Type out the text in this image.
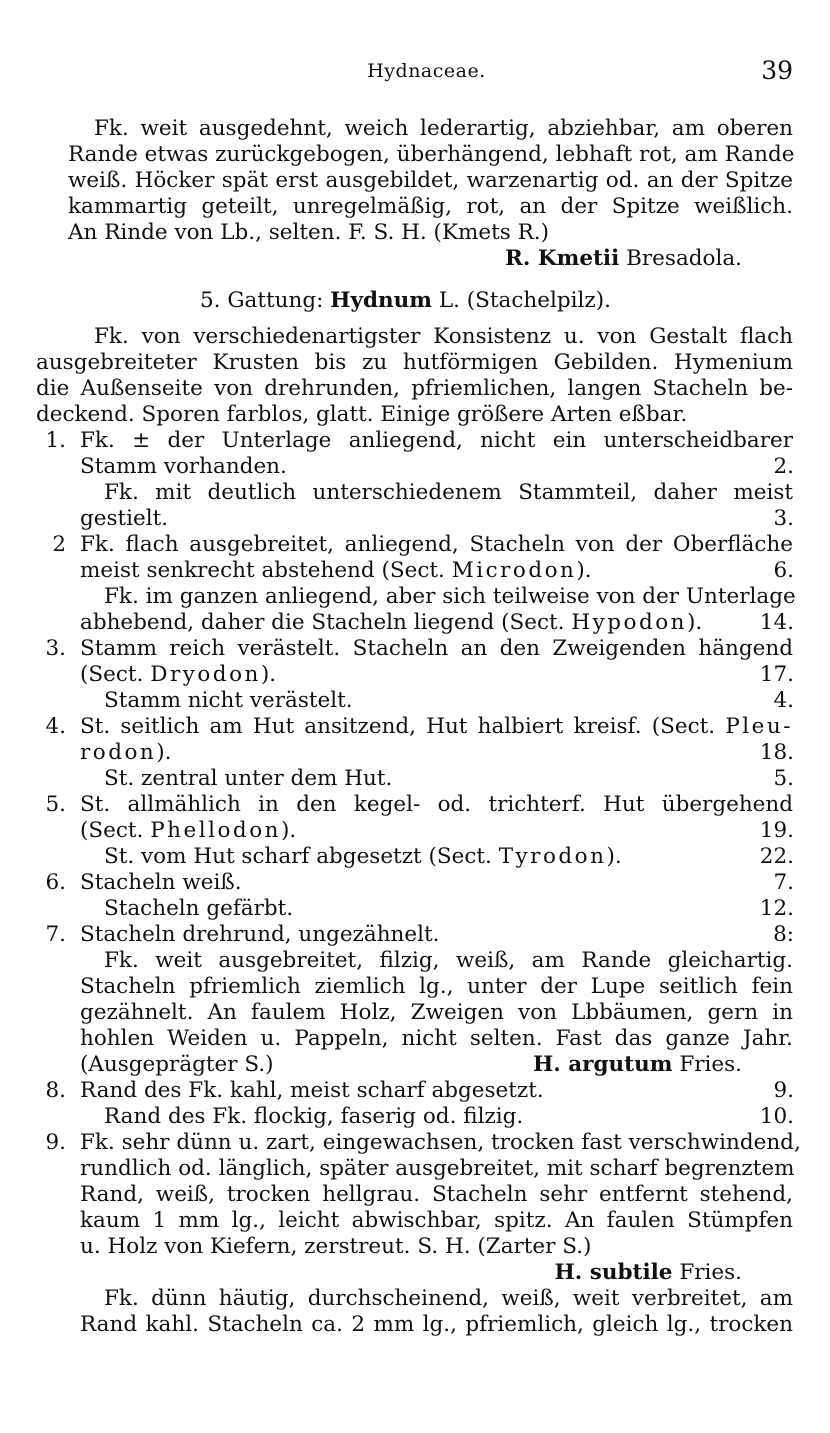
Hydnaceae.	39
Fk. weit ausgedehnt, weich lederartig, abziehbar, am oberen
Rande etwas zurückgebogen, überhängend, lebhaft rot, am Rande
weiß. Höcker spät erst ausgebildet, warzenartig od. an der Spitze
kammartig geteilt, unregelmäßig, rot, an der Spitze weißlich.
An Rinde von Lb., selten. F. S. H. (Kmets R.)
R. Kmetii Bresadola.
5. Gattung: Hydnum L. (Stachelpilz).
Fk. von verschiedenartigster Konsistenz u. von Gestalt flach
ausgebreiteter Krusten bis zu hutförmigen Gebilden. Hymenium
die Außenseite von drehrunden, pfriemlichen, langen Stacheln be-
deckend. Sporen farblos, glatt. Einige größere Arten eßbar.
1. Fk. ± der Unterlage anliegend, nicht ein unterscheidbarer
Stamm vorhanden.	2.
Fk. mit deutlich unterschiedenem Stammteil, daher meist
gestielt.	3.
2 Fk. flach ausgebreitet, anliegend, Stacheln von der Oberfläche
meist senkrecht abstehend (Sect. Microdon).	6.
Fk. im ganzen anliegend, aber sich teilweise von der Unterlage
abhebend, daher die Stacheln liegend (Sect. Hypodon).	14.
3. Stamm reich verästelt. Stacheln an den Zweigenden hängend
(Sect. Dryodon).	17.
Stamm nicht verästelt.	4.
4. St. seitlich am Hut ansitzend, Hut halbiert kreisf. (Sect. Pleu-
rodon).	18.
St. zentral unter dem Hut.	5.
5. St. allmählich in den kegel- od. trichterf. Hut übergehend
(Sect. Phellodon).	19.
St. vom Hut scharf abgesetzt (Sect. Tyrodon).	22.
6. Stacheln weiß.	7.
Stacheln gefärbt.	12.
7. Stacheln drehrund, ungezähnelt.	8:
Fk. weit ausgebreitet, filzig, weiß, am Rande gleichartig.
Stacheln pfriemlich ziemlich lg., unter der Lupe seitlich fein
gezähnelt. An faulem Holz, Zweigen von Lbbäumen, gern in
hohlen Weiden u. Pappeln, nicht selten. Fast das ganze Jahr.
(Ausgeprägter S.)	H. argutum Fries.
8. Rand des Fk. kahl, meist scharf abgesetzt.	9.
Rand des Fk. flockig, faserig od. filzig.	10.
9. Fk. sehr dünn u. zart, eingewachsen, trocken fast verschwindend,
rundlich od. länglich, später ausgebreitet, mit scharf begrenztem
Rand, weiß, trocken hellgrau. Stacheln sehr entfernt stehend,
kaum 1 mm lg., leicht abwischbar, spitz. An faulen Stümpfen
u. Holz von Kiefern, zerstreut. S. H. (Zarter S.)
H. subtile Fries.
Fk. dünn häutig, durchscheinend, weiß, weit verbreitet, am
Rand kahl. Stacheln ca. 2 mm lg., pfriemlich, gleich lg., trocken
